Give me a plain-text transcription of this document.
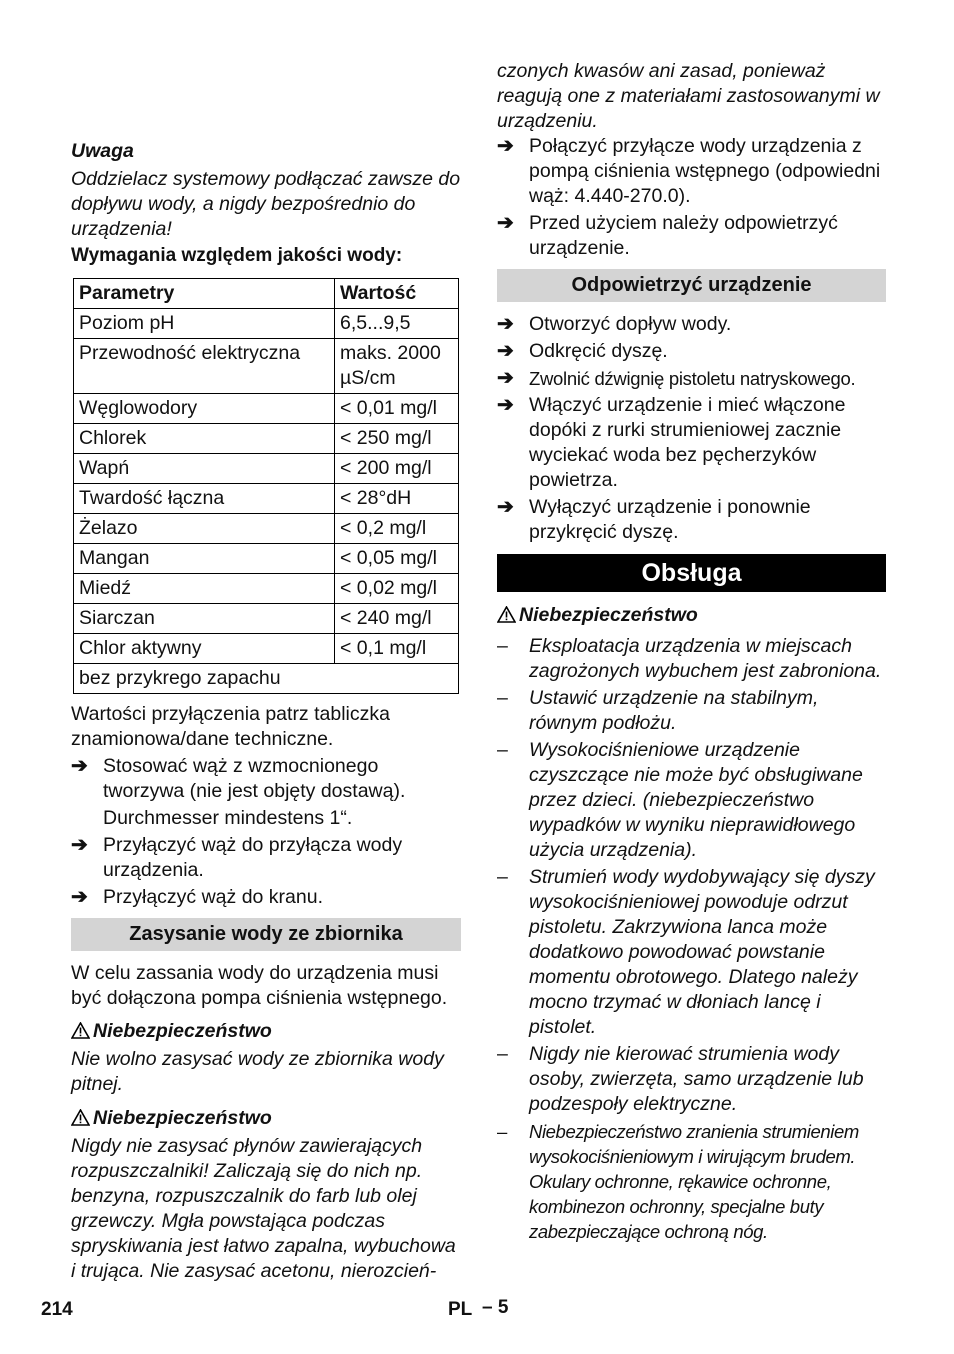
Uwaga

Oddzielacz systemowy podłączać zawsze do dopływu wody, a nigdy bezpośrednio do urządzenia!

Wymagania względem jakości wody:

Parametry	Wartość
Poziom pH	6,5...9,5
Przewodność elektryczna	maks. 2000 µS/cm
Węglowodory	< 0,01 mg/l
Chlorek	< 250 mg/l
Wapń	< 200 mg/l
Twardość łączna	< 28°dH
Żelazo	< 0,2 mg/l
Mangan	< 0,05 mg/l
Miedź	< 0,02 mg/l
Siarczan	< 240 mg/l
Chlor aktywny	< 0,1 mg/l
bez przykrego zapachu	

Wartości przyłączenia patrz tabliczka znamionowa/dane techniczne.

➔ Stosować wąż z wzmocnionego tworzywa (nie jest objęty dostawą).

Durchmesser mindestens 1“.

➔ Przyłączyć wąż do przyłącza wody urządzenia.
➔ Przyłączyć wąż do kranu.
Zasysanie wody ze zbiornika

W celu zassania wody do urządzenia musi być dołączona pompa ciśnienia wstępnego.

Niebezpieczeństwo

Nie wolno zasysać wody ze zbiornika wody pitnej.

Niebezpieczeństwo

Nigdy nie zasysać płynów zawierających rozpuszczalniki! Zaliczają się do nich np. benzyna, rozpuszczalnik do farb lub olej grzewczy. Mgła powstająca podczas spryskiwania jest łatwo zapalna, wybuchowa i trująca. Nie zasysać acetonu, nierozcień-

czonych kwasów ani zasad, ponieważ reagują one z materiałami zastosowanymi w urządzeniu.

➔ Połączyć przyłącze wody urządzenia z pompą ciśnienia wstępnego (odpowiedni wąż: 4.440-270.0).
➔ Przed użyciem należy odpowietrzyć urządzenie.
Odpowietrzyć urządzenie
➔ Otworzyć dopływ wody.
➔ Odkręcić dyszę.
➔ Zwolnić dźwignię pistoletu natryskowego.
➔ Włączyć urządzenie i mieć włączone dopóki z rurki strumieniowej zacznie wyciekać woda bez pęcherzyków powietrza.
➔ Wyłączyć urządzenie i ponownie przykręcić dyszę.
Obsługa

Niebezpieczeństwo

– Eksploatacja urządzenia w miejscach zagrożonych wybuchem jest zabroniona.
– Ustawić urządzenie na stabilnym, równym podłożu.
– Wysokociśnieniowe urządzenie czyszczące nie może być obsługiwane przez dzieci. (niebezpieczeństwo wypadków w wyniku nieprawidłowego użycia urządzenia).
– Strumień wody wydobywający się dyszy wysokociśnieniowej powoduje odrzut pistoletu. Zakrzywiona lanca może dodatkowo powodować powstanie momentu obrotowego. Dlatego należy mocno trzymać w dłoniach lancę i pistolet.
– Nigdy nie kierować strumienia wody osoby, zwierzęta, samo urządzenie lub podzespoły elektryczne.
– Niebezpieczeństwo zranienia strumieniem wysokociśnieniowym i wirującym brudem. Okulary ochronne, rękawice ochronne, kombinezon ochronny, specjalne buty zabezpieczające ochroną nóg.
214	PL – 5
